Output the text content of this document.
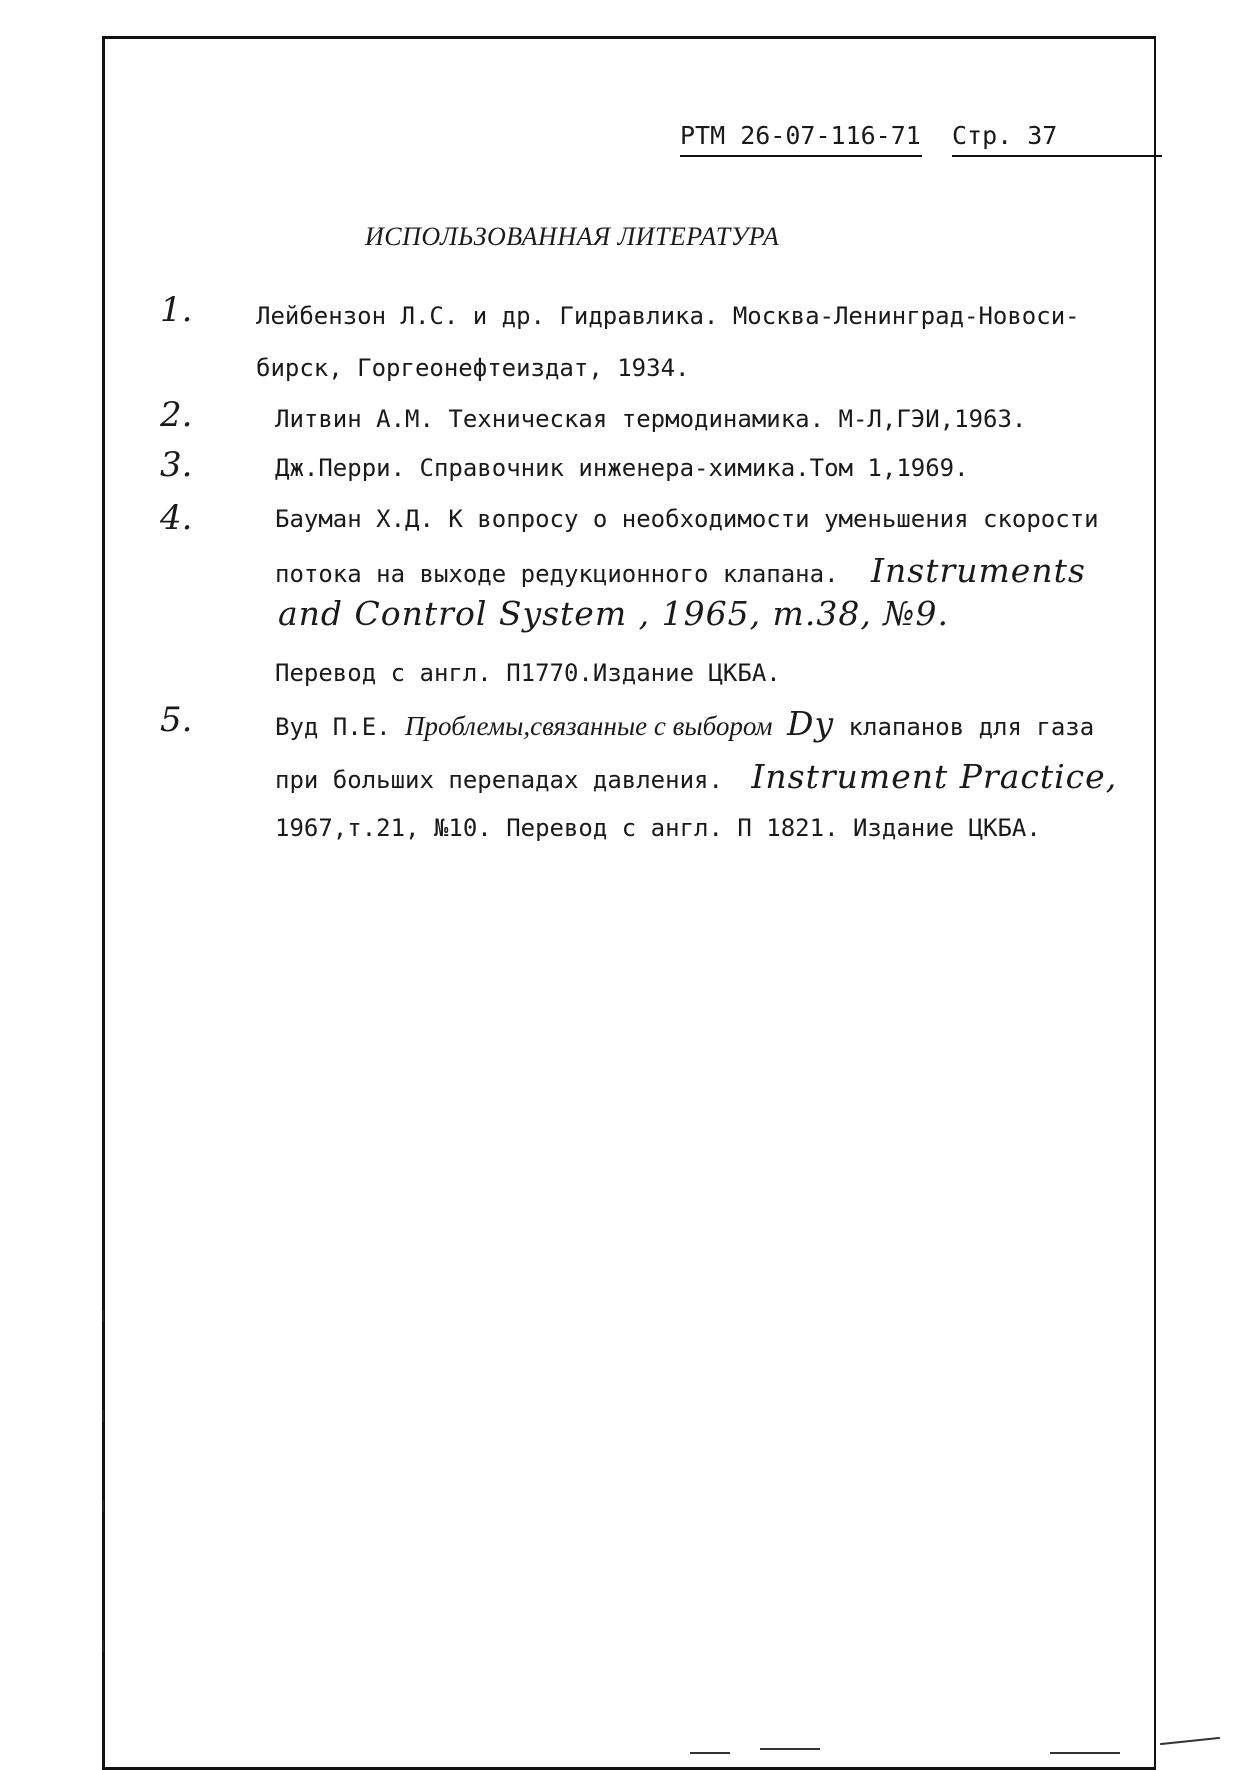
РТМ 26-07-116-71 Стр. 37
ИСПОЛЬЗОВАННАЯ ЛИТЕРАТУРА
1.	Лейбензон Л.С. и др. Гидравлика. Москва-Ленинград-Новоси-
бирск, Горгеонефтеиздат, 1934.
2.	Литвин А.М. Техническая термодинамика. М-Л,ГЭИ,1963.
3.	Дж.Перри. Справочник инженера-химика.Том 1,1969.
4.	Бауман Х.Д. К вопросу о необходимости уменьшения скорости
потока на выходе редукционного клапана. Instruments
and Control System , 1965, т.38, №9.
Перевод с англ. П1770.Издание ЦКБА.
5.	Вуд П.Е. Проблемы,связанные с выбором Dy клапанов для газа
при больших перепадах давления. Instrument Practice,
1967,т.21, №10. Перевод с англ. П 1821. Издание ЦКБА.
